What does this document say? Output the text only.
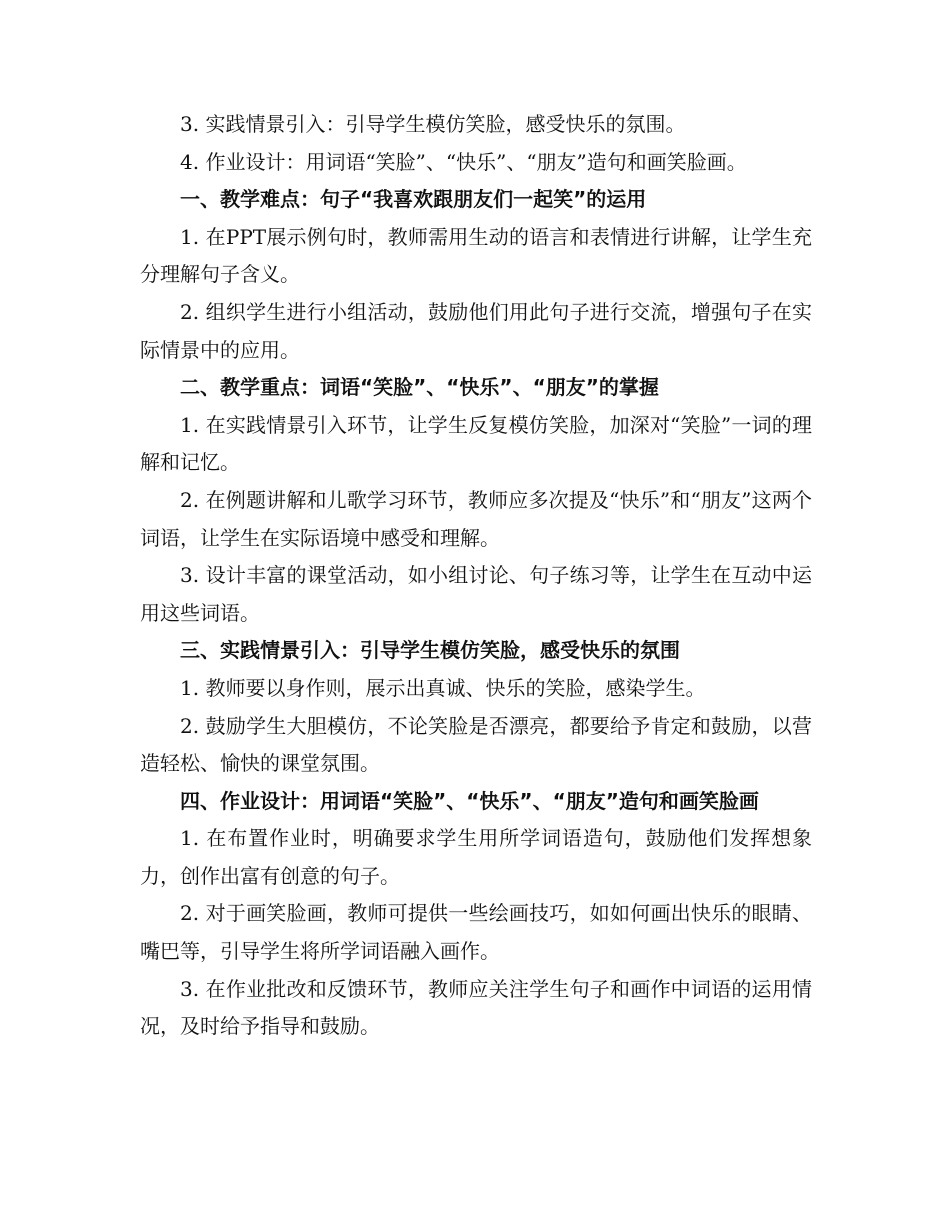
3. 实践情景引入：引导学生模仿笑脸，感受快乐的氛围。

4. 作业设计：用词语“笑脸”、“快乐”、“朋友”造句和画笑脸画。

一、教学难点：句子“我喜欢跟朋友们一起笑”的运用

1. 在PPT展示例句时，教师需用生动的语言和表情进行讲解，让学生充分理解句子含义。

2. 组织学生进行小组活动，鼓励他们用此句子进行交流，增强句子在实际情景中的应用。

二、教学重点：词语“笑脸”、“快乐”、“朋友”的掌握

1. 在实践情景引入环节，让学生反复模仿笑脸，加深对“笑脸”一词的理解和记忆。

2. 在例题讲解和儿歌学习环节，教师应多次提及“快乐”和“朋友”这两个词语，让学生在实际语境中感受和理解。

3. 设计丰富的课堂活动，如小组讨论、句子练习等，让学生在互动中运用这些词语。

三、实践情景引入：引导学生模仿笑脸，感受快乐的氛围

1. 教师要以身作则，展示出真诚、快乐的笑脸，感染学生。

2. 鼓励学生大胆模仿，不论笑脸是否漂亮，都要给予肯定和鼓励，以营造轻松、愉快的课堂氛围。

四、作业设计：用词语“笑脸”、“快乐”、“朋友”造句和画笑脸画

1. 在布置作业时，明确要求学生用所学词语造句，鼓励他们发挥想象力，创作出富有创意的句子。

2. 对于画笑脸画，教师可提供一些绘画技巧，如如何画出快乐的眼睛、嘴巴等，引导学生将所学词语融入画作。

3. 在作业批改和反馈环节，教师应关注学生句子和画作中词语的运用情况，及时给予指导和鼓励。
